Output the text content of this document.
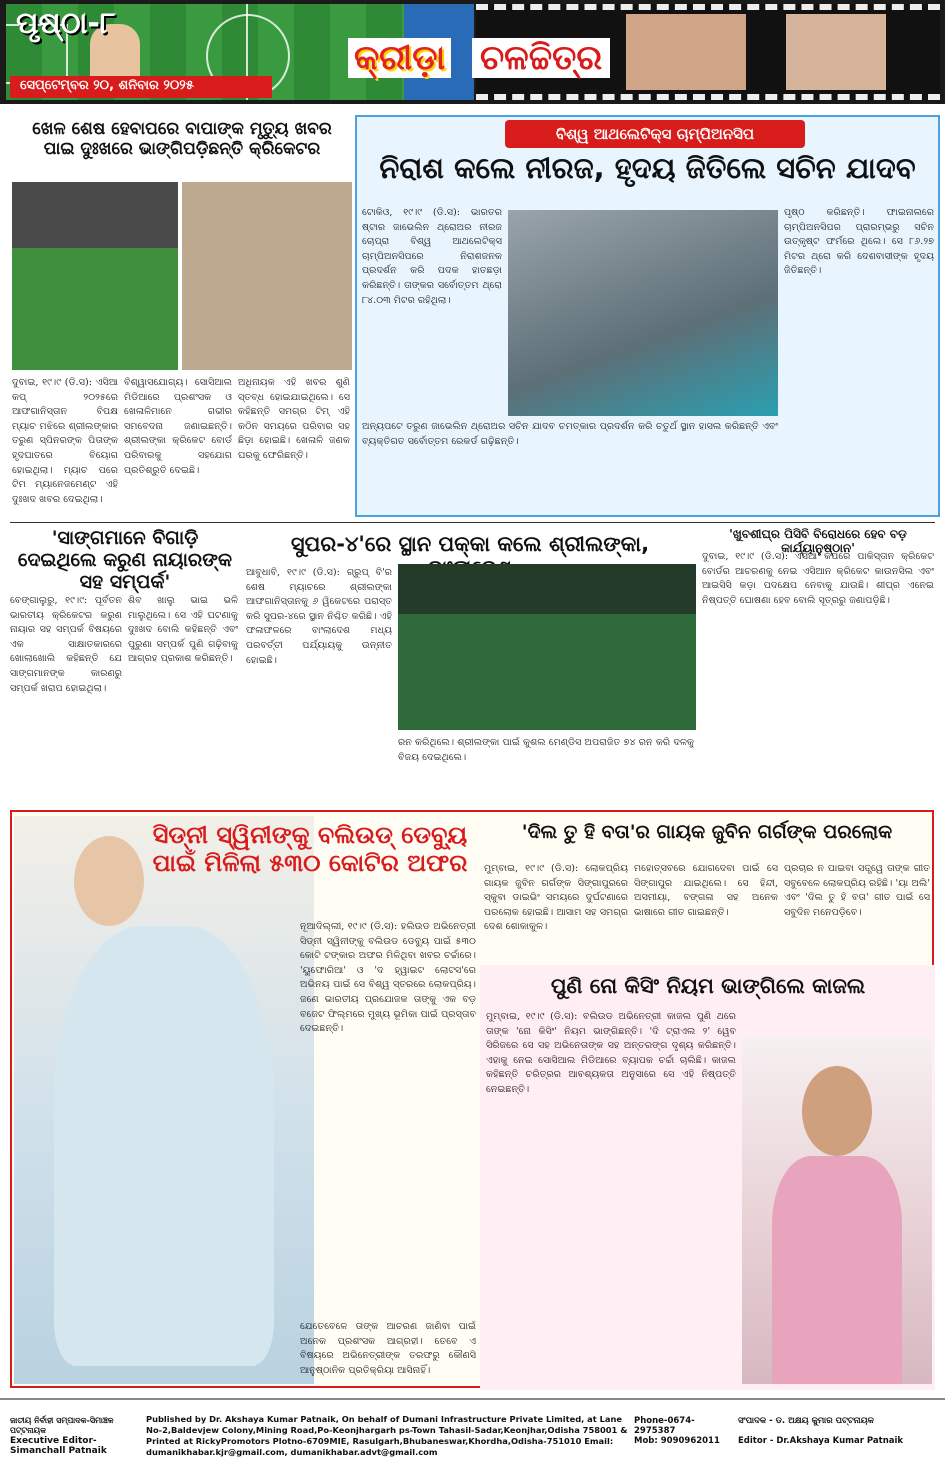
ପୃଷ୍ଠା-୮
ସେପ୍ଟେମ୍ବର ୨୦, ଶନିବାର ୨୦୨୫
କ୍ରୀଡ଼ା ଚଳଚ୍ଚିତ୍ର
ଖେଳ ଶେଷ ହେବାପରେ ବାପାଙ୍କ ମୃତ୍ୟୁ ଖବର ପାଇ ଦୁଃଖରେ ଭାଙ୍ଗିପଡ଼ିଛନ୍ତି କ୍ରିକେଟର
ଦୁବାଇ, ୧୯।୯ (ଡି.ସ): ଏସିଆ କପ୍ ୨୦୨୫ରେ ଆଫଗାନିସ୍ତାନ ବିପକ୍ଷ ମ୍ୟାଚ ମଝିରେ ଶ୍ରୀଲଙ୍କାର ତରୁଣ ସ୍ପିନରଙ୍କ ପିତାଙ୍କ ହୃଦଘାତରେ ବିୟୋଗ ହୋଇଥିଲା। ମ୍ୟାଚ ପରେ ଟିମ ମ୍ୟାନେଜମେଣ୍ଟ ଏହି ଦୁଃଖଦ ଖବର ଦେଇଥିଲା।
ବିଶ୍ୱାସଯୋଗ୍ୟ। ସୋସିଆଲ ମିଡିଆରେ ପ୍ରଶଂସକ ଓ ଖେଳାଳିମାନେ ଗଭୀର ସମବେଦନା ଜଣାଇଛନ୍ତି। ଶ୍ରୀଲଙ୍କା କ୍ରିକେଟ ବୋର୍ଡ ପରିବାରକୁ ସହଯୋଗ ପ୍ରତିଶ୍ରୁତି ଦେଇଛି।
ଅଧିନାୟକ ଏହି ଖବର ଶୁଣି ସ୍ତବ୍ଧ ହୋଇଯାଇଥିଲେ। ସେ କହିଛନ୍ତି ସମଗ୍ର ଟିମ୍ ଏହି କଠିନ ସମୟରେ ପରିବାର ସହ ଛିଡ଼ା ହୋଇଛି। ଖେଳାଳି ଜଣକ ଘରକୁ ଫେରିଛନ୍ତି।
ବିଶ୍ୱ ଆଥଲେଟିକ୍ସ ଚାମ୍ପିଅନସିପ
ନିରାଶ କଲେ ନୀରଜ, ହୃଦୟ ଜିତିଲେ ସଚିନ ଯାଦବ
ଟୋକିଓ, ୧୯।୯ (ଡି.ସ): ଭାରତର ଷ୍ଟାର ଜାଭେଲିନ ଥ୍ରୋଅର ନୀରଜ ଚୋପ୍ରା ବିଶ୍ୱ ଆଥଲେଟିକ୍ସ ଚାମ୍ପିଅନସିପରେ ନିରାଶଜନକ ପ୍ରଦର୍ଶନ କରି ପଦକ ହାତଛଡ଼ା କରିଛନ୍ତି। ତାଙ୍କର ସର୍ବୋତ୍ତମ ଥ୍ରୋ ୮୪.୦୩ ମିଟର ରହିଥିଲା।
ପୃଷ୍ଠ କରିଛନ୍ତି। ଫାଇନାଲରେ ଚାମ୍ପିଅନସିପର ପ୍ରାରମ୍ଭରୁ ସଚିନ ଉତ୍କୃଷ୍ଟ ଫର୍ମରେ ଥିଲେ। ସେ ୮୬.୨୭ ମିଟର ଥ୍ରୋ କରି ଦେଶବାସୀଙ୍କ ହୃଦୟ ଜିତିଛନ୍ତି।
ଅନ୍ୟପଟେ ତରୁଣ ଜାଭେଲିନ ଥ୍ରୋଅର ସଚିନ ଯାଦବ ଚମତ୍କାର ପ୍ରଦର୍ଶନ କରି ଚତୁର୍ଥ ସ୍ଥାନ ହାସଲ କରିଛନ୍ତି ଏବଂ ବ୍ୟକ୍ତିଗତ ସର୍ବୋତ୍ତମ ରେକର୍ଡ ଗଢ଼ିଛନ୍ତି।
'ସାଙ୍ଗମାନେ ବିଗାଡ଼ି ଦେଇଥିଲେ କରୁଣ ନାୟାରଙ୍କ ସହ ସମ୍ପର୍କ'
ବେଙ୍ଗାଲୁରୁ, ୧୯।୯: ପୂର୍ବତନ ଭାରତୀୟ କ୍ରିକେଟର କରୁଣ ନାୟାର ସହ ସମ୍ପର୍କ ବିଷୟରେ ଏକ ସାକ୍ଷାତକାରରେ ଖୋଲାଖୋଲି କହିଛନ୍ତି ଯେ ସାଙ୍ଗମାନଙ୍କ କାରଣରୁ ସମ୍ପର୍କ ଖରାପ ହୋଇଥିଲା।
ଶିବ ଖାଲୁ ଭାଇ ଭଳି ମାଲୁଥିଲେ। ସେ ଏହି ଘଟଣାକୁ ଦୁଃଖଦ ବୋଲି କହିଛନ୍ତି ଏବଂ ପୁରୁଣା ସମ୍ପର୍କ ପୁଣି ଗଢ଼ିବାକୁ ଆଗ୍ରହ ପ୍ରକାଶ କରିଛନ୍ତି।
ସୁପର-୪'ରେ ସ୍ଥାନ ପକ୍କା କଲେ ଶ୍ରୀଲଙ୍କା,
ଆବୁଧାବି, ୧୯।୯ (ଡି.ସ): ଗ୍ରୁପ୍ ବି'ର ଶେଷ ମ୍ୟାଚରେ ଶ୍ରୀଲଙ୍କା ଆଫଗାନିସ୍ତାନକୁ ୬ ୱିକେଟରେ ପରାସ୍ତ କରି ସୁପର-୪ରେ ସ୍ଥାନ ନିଶ୍ଚିତ କରିଛି। ଏହି ଫଳାଫଳରେ ବାଂଲାଦେଶ ମଧ୍ୟ ପରବର୍ତ୍ତୀ ପର୍ଯ୍ୟାୟକୁ ଉନ୍ନୀତ ହୋଇଛି।
ରନ କରିଥିଲେ। ଶ୍ରୀଲଙ୍କା ପାଇଁ କୁଶଲ ମେଣ୍ଡିସ ଅପରାଜିତ ୭୪ ରନ କରି ଦଳକୁ ବିଜୟ ଦେଇଥିଲେ।
'ଖୁବଶୀଘ୍ର ପିସିବି ବିରୋଧରେ ହେବ ବଡ଼ କାର୍ଯ୍ୟାନୁଷ୍ଠାନ'
ଦୁବାଇ, ୧୯।୯ (ଡି.ସ): ଏସିଆ କପରେ ପାକିସ୍ତାନ କ୍ରିକେଟ ବୋର୍ଡର ଆଚରଣକୁ ନେଇ ଏସିଆନ କ୍ରିକେଟ କାଉନସିଲ ଏବଂ ଆଇସିସି କଡ଼ା ପଦକ୍ଷେପ ନେବାକୁ ଯାଉଛି। ଶୀଘ୍ର ଏନେଇ ନିଷ୍ପତ୍ତି ଘୋଷଣା ହେବ ବୋଲି ସୂତ୍ରରୁ ଜଣାପଡ଼ିଛି।
ସିଡ୍‌ନୀ ସ୍ୱିନୀଙ୍କୁ ବଲିଉଡ୍ ଡେବ୍ୟୁ ପାଇଁ ମିଳିଲା ୫୩୦ କୋଟିର ଅଫର
ନୂଆଦିଲ୍ଲୀ, ୧୯।୯ (ଡି.ସ): ହଲିଉଡ ଅଭିନେତ୍ରୀ ସିଡ୍‌ନୀ ସ୍ୱିନୀଙ୍କୁ ବଲିଉଡ ଡେବ୍ୟୁ ପାଇଁ ୫୩୦ କୋଟି ଟଙ୍କାର ଅଫର ମିଳିଥିବା ଖବର ଚର୍ଚ୍ଚାରେ। 'ୟୁଫୋରିଆ' ଓ 'ଦ ହ୍ୱାଇଟ ଲୋଟସ'ରେ ଅଭିନୟ ପାଇଁ ସେ ବିଶ୍ୱ ସ୍ତରରେ ଲୋକପ୍ରିୟ। ଜଣେ ଭାରତୀୟ ପ୍ରଯୋଜକ ତାଙ୍କୁ ଏକ ବଡ଼ ବଜେଟ ଫିଲ୍ମରେ ମୁଖ୍ୟ ଭୂମିକା ପାଇଁ ପ୍ରସ୍ତାବ ଦେଇଛନ୍ତି।
ଯେତେବେଳେ ତାଙ୍କ ଆଚରଣ ଜାଣିବା ପାଇଁ ଅନେକ ପ୍ରଶଂସକ ଆଗ୍ରହୀ। ତେବେ ଏ ବିଷୟରେ ଅଭିନେତ୍ରୀଙ୍କ ତରଫରୁ କୌଣସି ଆନୁଷ୍ଠାନିକ ପ୍ରତିକ୍ରିୟା ଆସିନାହିଁ।
'ଦିଲ ତୁ ହି ବତା'ର ଗାୟକ ଜୁବିନ ଗର୍ଗଙ୍କ ପରଲୋକ
ମୁମ୍ବାଇ, ୧୯।୯ (ଡି.ସ): ଲୋକପ୍ରିୟ ଗାୟକ ଜୁବିନ ଗର୍ଗଙ୍କ ସିଙ୍ଗାପୁରରେ ସ୍କୁବା ଡାଇଭିଂ ସମୟରେ ଦୁର୍ଘଟଣାରେ ପରଲୋକ ହୋଇଛି। ଆସାମ ସହ ସମଗ୍ର ଦେଶ ଶୋକାକୁଳ।
ମହୋତ୍ସବରେ ଯୋଗଦେବା ପାଇଁ ସେ ସିଙ୍ଗାପୁର ଯାଇଥିଲେ। ସେ ହିନ୍ଦୀ, ଅସମୀୟା, ବଙ୍ଗଳା ସହ ଅନେକ ଭାଷାରେ ଗୀତ ଗାଇଛନ୍ତି।
ପ୍ରଚାର ନ ପାଇବା ସତ୍ତ୍ୱେ ତାଙ୍କ ଗୀତ ସବୁବେଳେ ଲୋକପ୍ରିୟ ରହିଛି। 'ୟା ଅଲି' ଏବଂ 'ଦିଲ ତୁ ହି ବତା' ଗୀତ ପାଇଁ ସେ ସବୁଦିନ ମନେପଡ଼ିବେ।
ପୁଣି ନୋ କିସିଂ ନିୟମ ଭାଙ୍ଗିଲେ କାଜଲ
ମୁମ୍ବାଇ, ୧୯।୯ (ଡି.ସ): ବଲିଉଡ ଅଭିନେତ୍ରୀ କାଜଲ ପୁଣି ଥରେ ତାଙ୍କ 'ନୋ କିସିଂ' ନିୟମ ଭାଙ୍ଗିଛନ୍ତି। 'ଦି ଟ୍ରାଏଲ ୨' ୱେବ ସିରିଜରେ ସେ ସହ ଅଭିନେତାଙ୍କ ସହ ଅନ୍ତରଙ୍ଗ ଦୃଶ୍ୟ କରିଛନ୍ତି। ଏହାକୁ ନେଇ ସୋସିଆଲ ମିଡିଆରେ ବ୍ୟାପକ ଚର୍ଚ୍ଚା ଚାଲିଛି। କାଜଲ କହିଛନ୍ତି ଚରିତ୍ରର ଆବଶ୍ୟକତା ଅନୁସାରେ ସେ ଏହି ନିଷ୍ପତ୍ତି ନେଇଛନ୍ତି।
ଜାତୀୟ ନିର୍ବାହୀ ସମ୍ପାଦକ-ସିମାଞ୍ଚଳ ପଟ୍ଟନାୟକ
Executive Editor-Simanchall Patnaik
Published by Dr. Akshaya Kumar Patnaik, On behalf of Dumani Infrastructure Private Limited, at Lane No-2,Baldevjew Colony,Mining Road,Po-Keonjhargarh ps-Town Tahasil-Sadar,Keonjhar,Odisha 758001 & Printed at RickyPromotors Plotno-6709MIE, Rasulgarh,Bhubaneswar,Khordha,Odisha-751010 Email: dumanikhabar.kjr@gmail.com, dumanikhabar.advt@gmail.com
Phone-0674-2975387
Mob: 9090962011
ସଂପାଦକ - ଡ. ଅକ୍ଷୟ କୁମାର ପଟ୍ଟନାୟକ
Editor - Dr.Akshaya Kumar Patnaik
